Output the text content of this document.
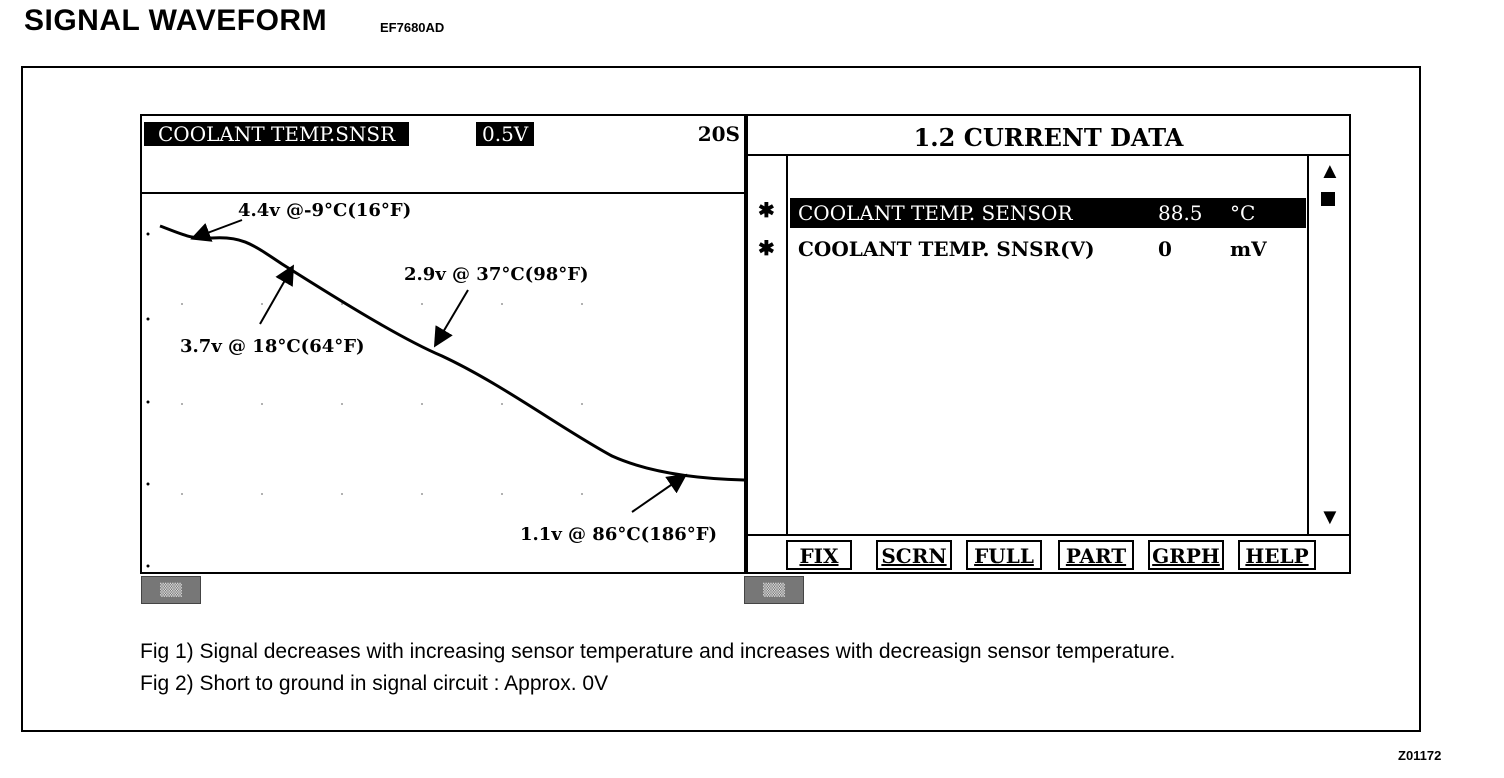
SIGNAL WAVEFORM	EF7680AD
COOLANT TEMP.SNSR	0.5V	20S
4.4v @-9°C(16°F)
3.7v @ 18°C(64°F)
2.9v @ 37°C(98°F)
1.1v @ 86°C(186°F)
▒▒▒
1.2 CURRENT DATA
✱
✱
COOLANT TEMP. SENSOR	88.5 °C
COOLANT TEMP. SNSR(V)	0	mV
▲
▼
FIX	SCRN	FULL	PART	GRPH	HELP
▒▒▒
Fig 1) Signal decreases with increasing sensor temperature and increases with decreasign sensor temperature.
Fig 2) Short to ground in signal circuit : Approx. 0V
Z01172
